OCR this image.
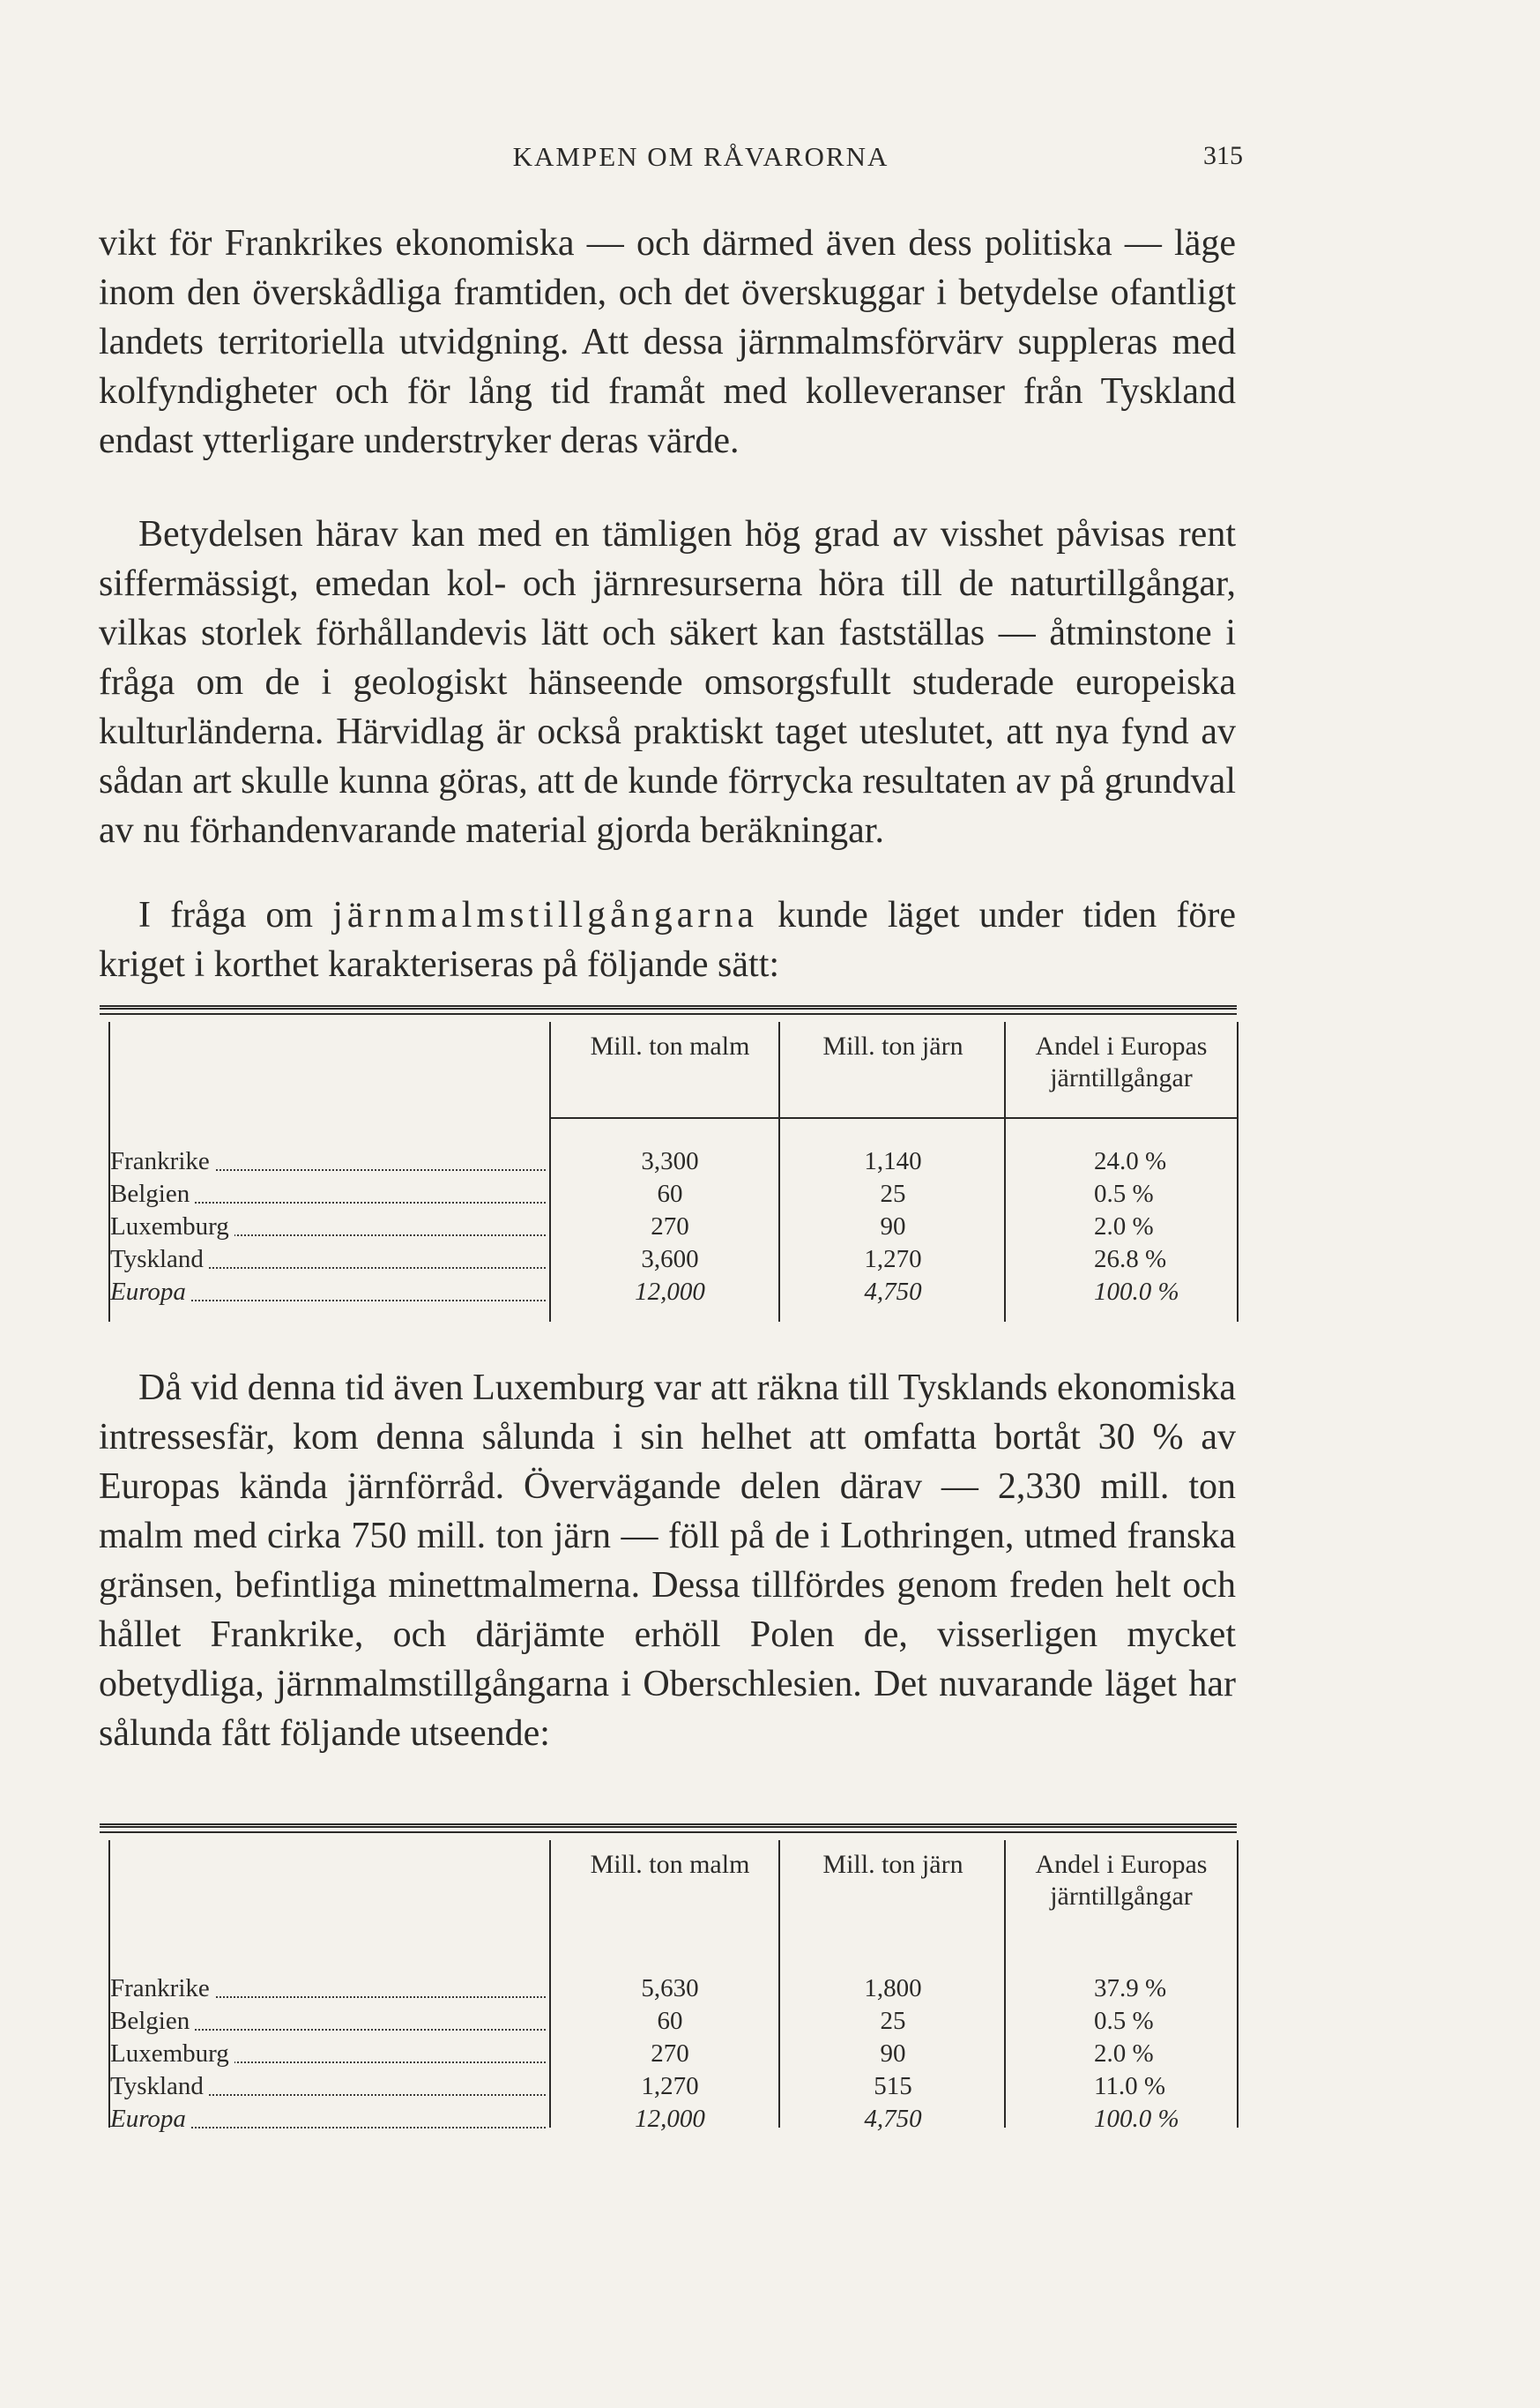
KAMPEN OM RÅVARORNA	315

vikt för Frankrikes ekonomiska — och därmed även dess politiska — läge inom den överskådliga framtiden, och det överskuggar i betydelse ofantligt landets territoriella utvidgning. Att dessa järnmalmsförvärv suppleras med kolfyndigheter och för lång tid framåt med kolleveranser från Tyskland endast ytterligare understryker deras värde.

Betydelsen härav kan med en tämligen hög grad av visshet påvisas rent siffermässigt, emedan kol- och järnresurserna höra till de naturtillgångar, vilkas storlek förhållandevis lätt och säkert kan fastställas — åtminstone i fråga om de i geologiskt hänseende omsorgsfullt studerade europeiska kulturländerna. Härvidlag är också praktiskt taget uteslutet, att nya fynd av sådan art skulle kunna göras, att de kunde förrycka resultaten av på grundval av nu förhandenvarande material gjorda beräkningar.

I fråga om järnmalmstillgångarna kunde läget under tiden före kriget i korthet karakteriseras på följande sätt:

Frankrike
Belgien
Luxemburg
Tyskland
Europa
Mill. ton malm
3,300
60
270
3,600
12,000
Mill. ton järn
1,140
25
90
1,270
4,750
Andel i Europas järntillgångar
24.0 %
0.5 %
2.0 %
26.8 %
100.0 %

Då vid denna tid även Luxemburg var att räkna till Tysklands ekonomiska intressesfär, kom denna sålunda i sin helhet att omfatta bortåt 30 % av Europas kända järnförråd. Övervägande delen därav — 2,330 mill. ton malm med cirka 750 mill. ton järn — föll på de i Lothringen, utmed franska gränsen, befintliga minettmalmerna. Dessa tillfördes genom freden helt och hållet Frankrike, och därjämte erhöll Polen de, visserligen mycket obetydliga, järnmalmstillgångarna i Oberschlesien. Det nuvarande läget har sålunda fått följande utseende:

Frankrike
Belgien
Luxemburg
Tyskland
Europa
Mill. ton malm
5,630
60
270
1,270
12,000
Mill. ton järn
1,800
25
90
515
4,750
Andel i Europas järntillgångar
37.9 %
0.5 %
2.0 %
11.0 %
100.0 %
